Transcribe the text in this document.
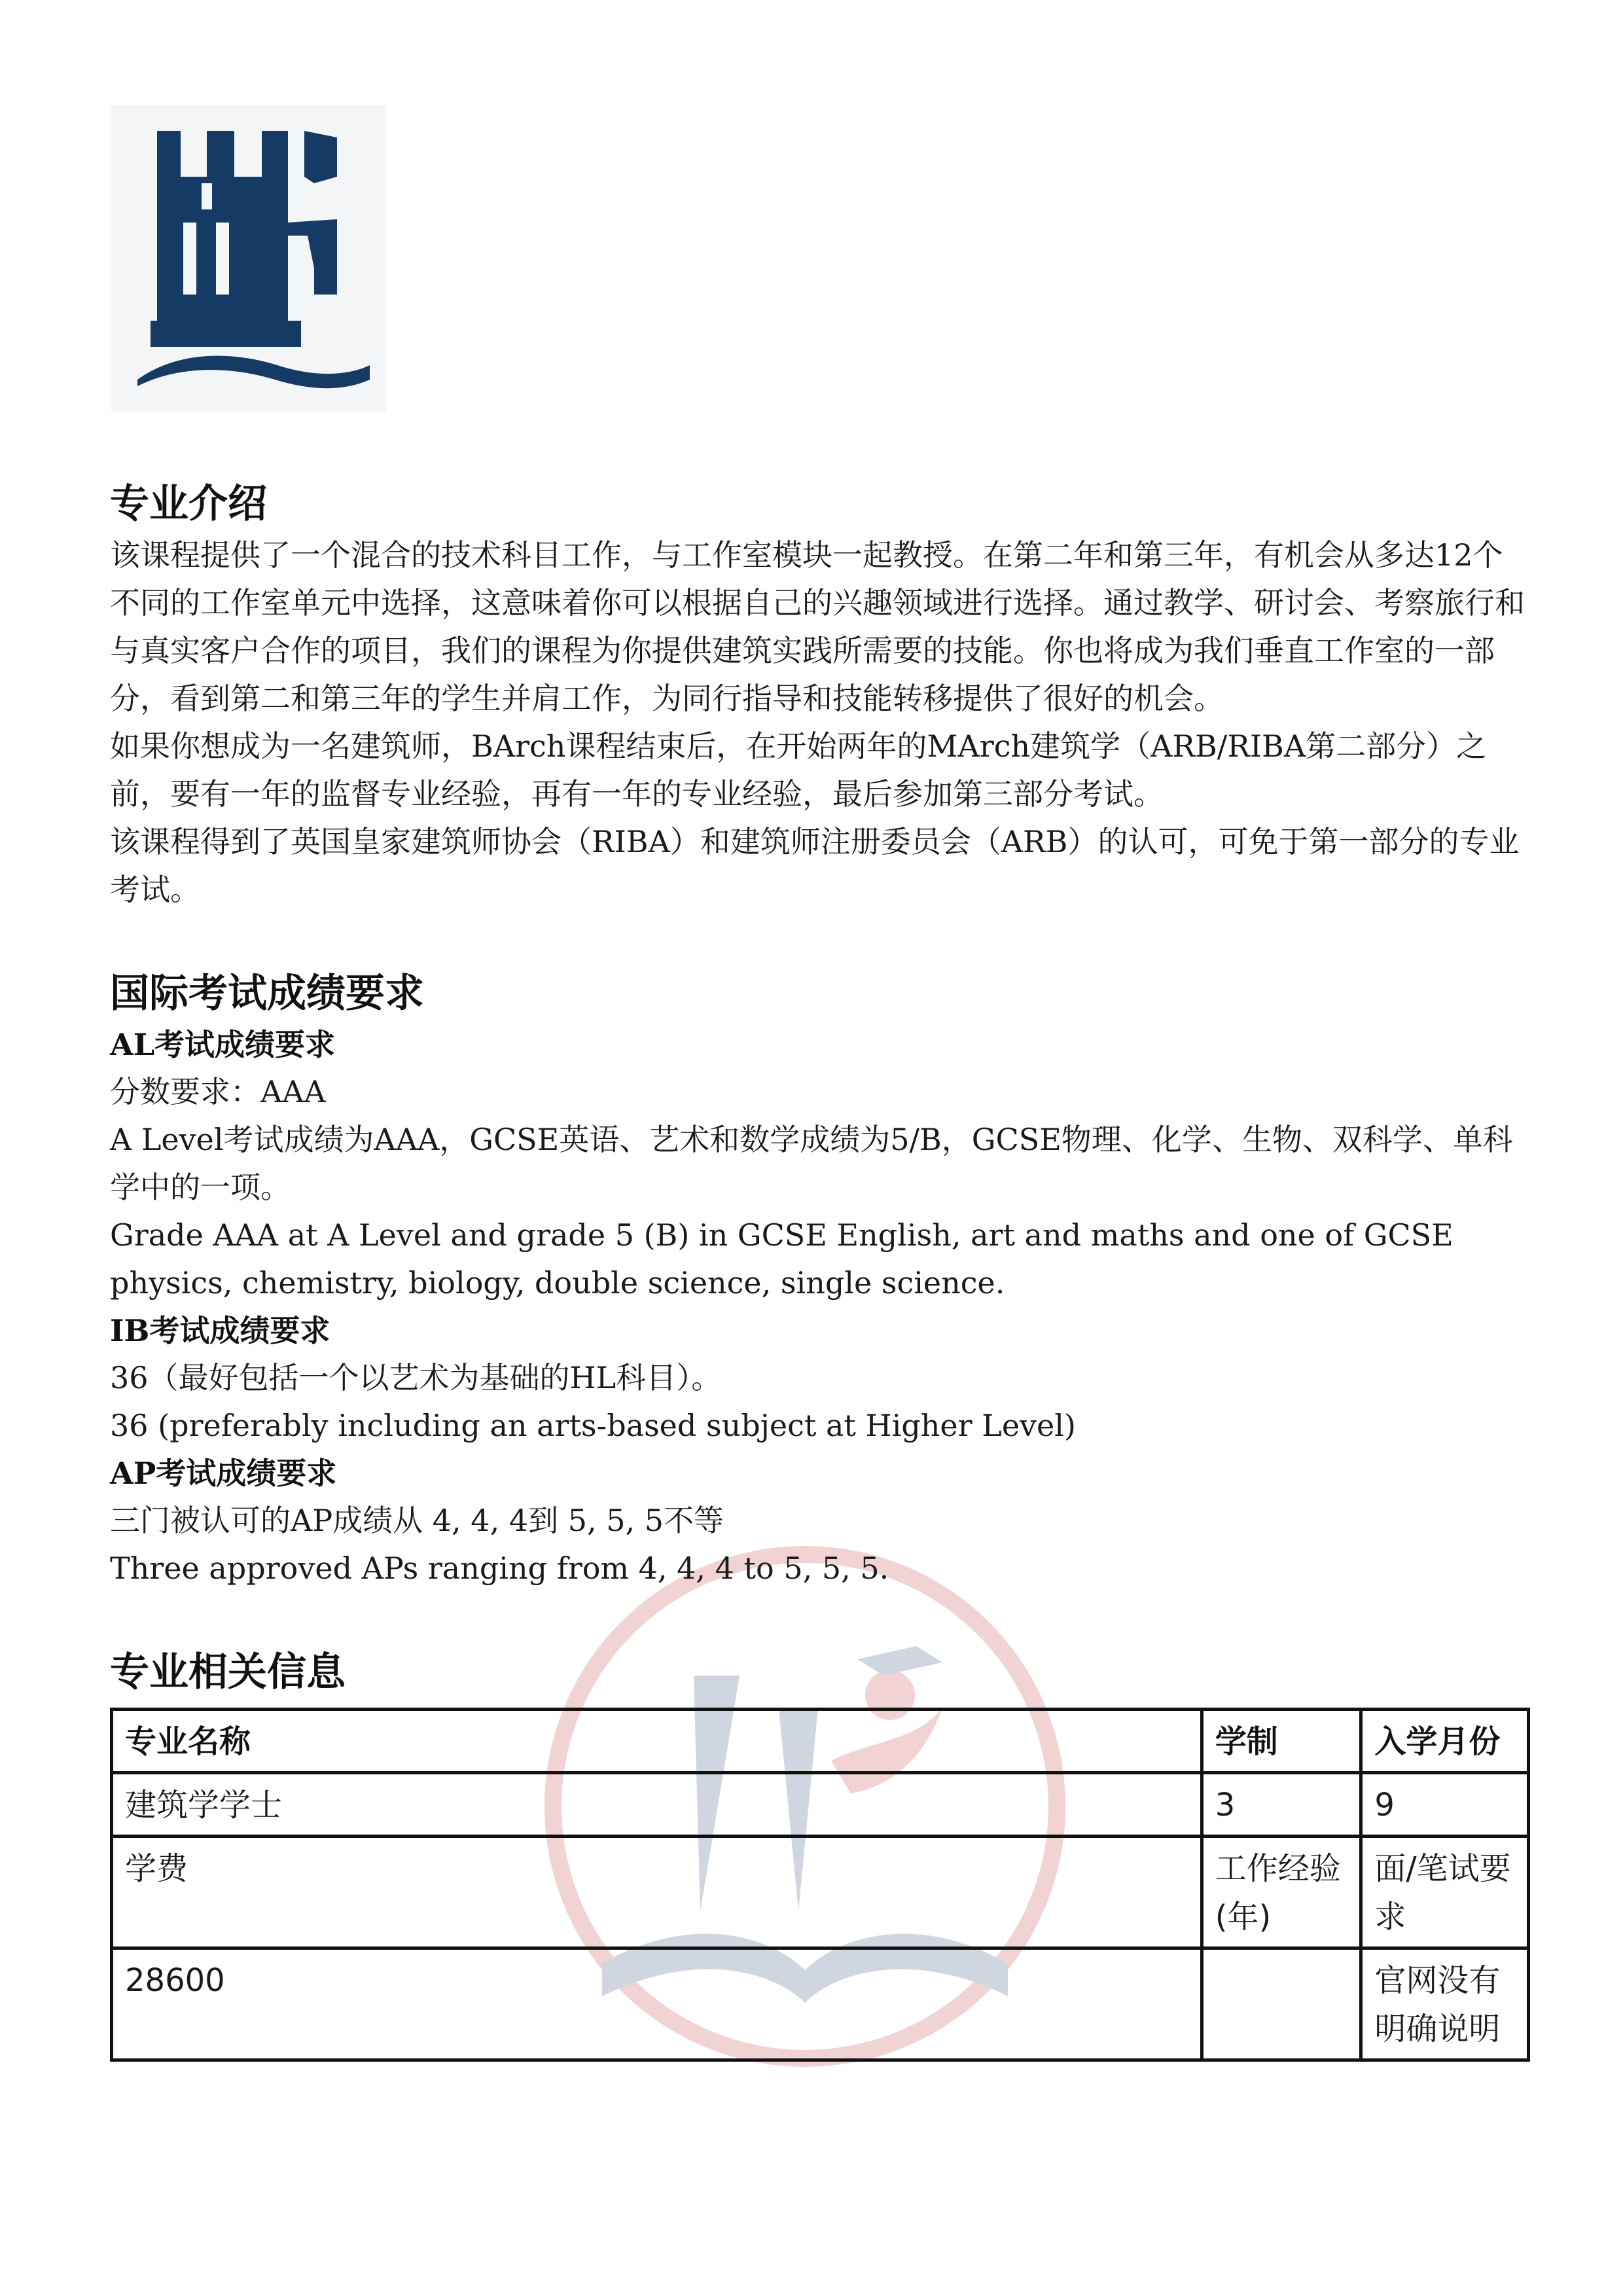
专业介绍

该课程提供了一个混合的技术科目工作，与工作室模块一起教授。在第二年和第三年，有机会从多达12个不同的工作室单元中选择，这意味着你可以根据自己的兴趣领域进行选择。通过教学、研讨会、考察旅行和与真实客户合作的项目，我们的课程为你提供建筑实践所需要的技能。你也将成为我们垂直工作室的一部分，看到第二和第三年的学生并肩工作，为同行指导和技能转移提供了很好的机会。

如果你想成为一名建筑师，BArch课程结束后，在开始两年的MArch建筑学（ARB/RIBA第二部分）之前，要有一年的监督专业经验，再有一年的专业经验，最后参加第三部分考试。

该课程得到了英国皇家建筑师协会（RIBA）和建筑师注册委员会（ARB）的认可，可免于第一部分的专业考试。

国际考试成绩要求
AL考试成绩要求

分数要求：AAA

A Level考试成绩为AAA，GCSE英语、艺术和数学成绩为5/B，GCSE物理、化学、生物、双科学、单科学中的一项。

Grade AAA at A Level and grade 5 (B) in GCSE English, art and maths and one of GCSE physics, chemistry, biology, double science, single science.

IB考试成绩要求

36（最好包括一个以艺术为基础的HL科目）。

36 (preferably including an arts-based subject at Higher Level)

AP考试成绩要求

三门被认可的AP成绩从 4, 4, 4到 5, 5, 5不等

Three approved APs ranging from 4, 4, 4 to 5, 5, 5.

专业相关信息
专业名称	学制	入学月份
建筑学学士	3	9
学费	工作经验(年)	面/笔试要求
28600		官网没有明确说明
